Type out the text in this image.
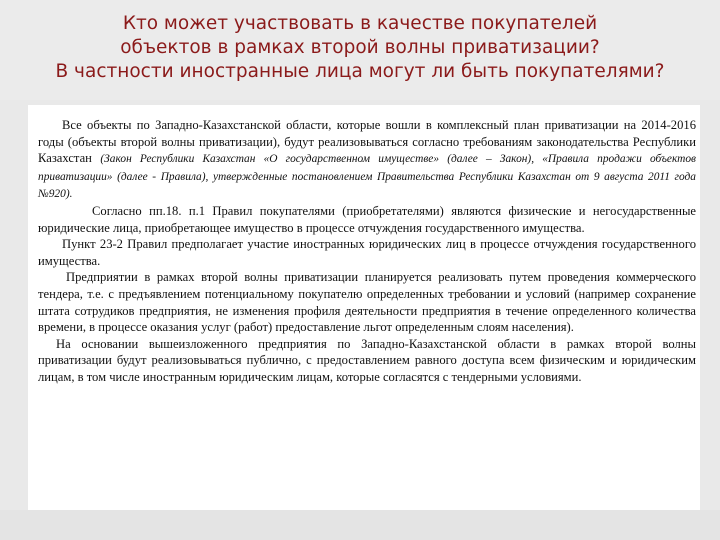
Кто может участвовать в качестве покупателей
объектов в рамках второй волны приватизации?
В частности иностранные лица могут ли быть покупателями?

Все объекты по Западно-Казахстанской области, которые вошли в комплексный план приватизации на 2014-2016 годы (объекты второй волны приватизации), будут реализовываться согласно требованиям законодательства Республики Казахстан (Закон Республики Казахстан «О государственном имуществе» (далее – Закон), «Правила продажи объектов приватизации» (далее - Правила), утвержденные постановлением Правительства Республики Казахстан от 9 августа 2011 года №920).

Согласно пп.18. п.1 Правил покупателями (приобретателями) являются физические и негосударственные юридические лица, приобретающее имущество в процессе отчуждения государственного имущества.

Пункт 23-2 Правил предполагает участие иностранных юридических лиц в процессе отчуждения государственного имущества.

Предприятии в рамках второй волны приватизации планируется реализовать путем проведения коммерческого тендера, т.е. с предъявлением потенциальному покупателю определенных требовании и условий (например сохранение штата сотрудиков предприятия, не изменения профиля деятельности предприятия в течение определенного количества времени, в процессе оказания услуг (работ) предоставление льгот определенным слоям населения).

На основании вышеизложенного предприятия по Западно-Казахстанской области в рамках второй волны приватизации будут реализовываться публично, с предоставлением равного доступа всем физическим и юридическим лицам, в том числе иностранным юридическим лицам, которые согласятся с тендерными условиями.
